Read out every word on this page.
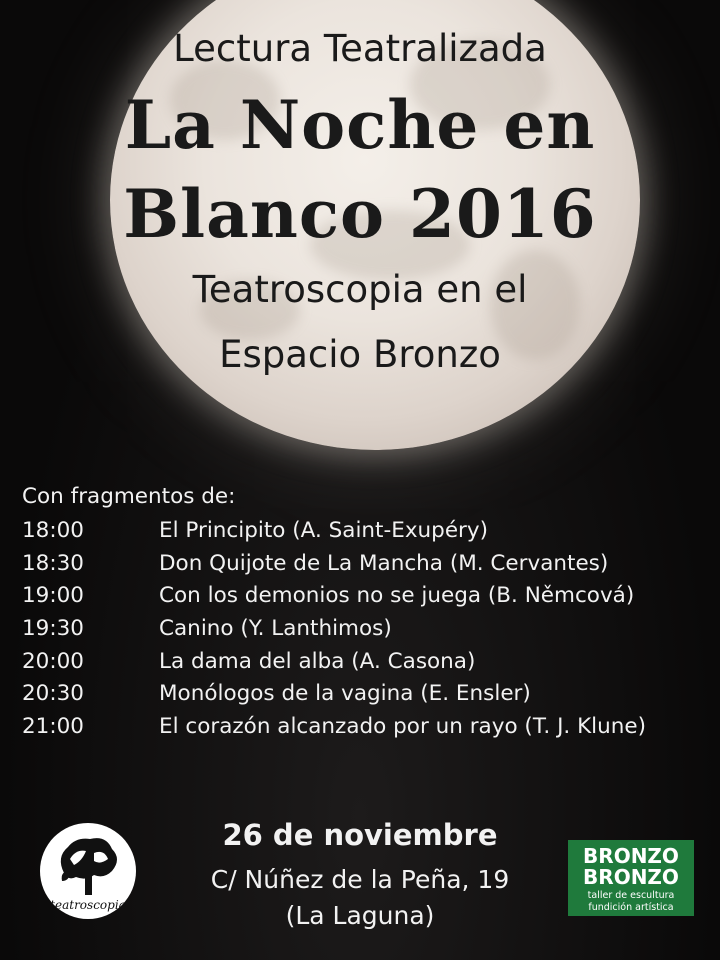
Lectura Teatralizada

La Noche en

Blanco 2016

Teatroscopia en el

Espacio Bronzo

Con fragmentos de:
18:00	El Principito (A. Saint-Exupéry)
18:30	Don Quijote de La Mancha (M. Cervantes)
19:00	Con los demonios no se juega (B. Němcová)
19:30	Canino (Y. Lanthimos)
20:00	La dama del alba (A. Casona)
20:30	Monólogos de la vagina (E. Ensler)
21:00	El corazón alcanzado por un rayo (T. J. Klune)

26 de noviembre

C/ Núñez de la Peña, 19

(La Laguna)

teatroscopia
BRONZO
BRONZO
taller de escultura
fundición artística
